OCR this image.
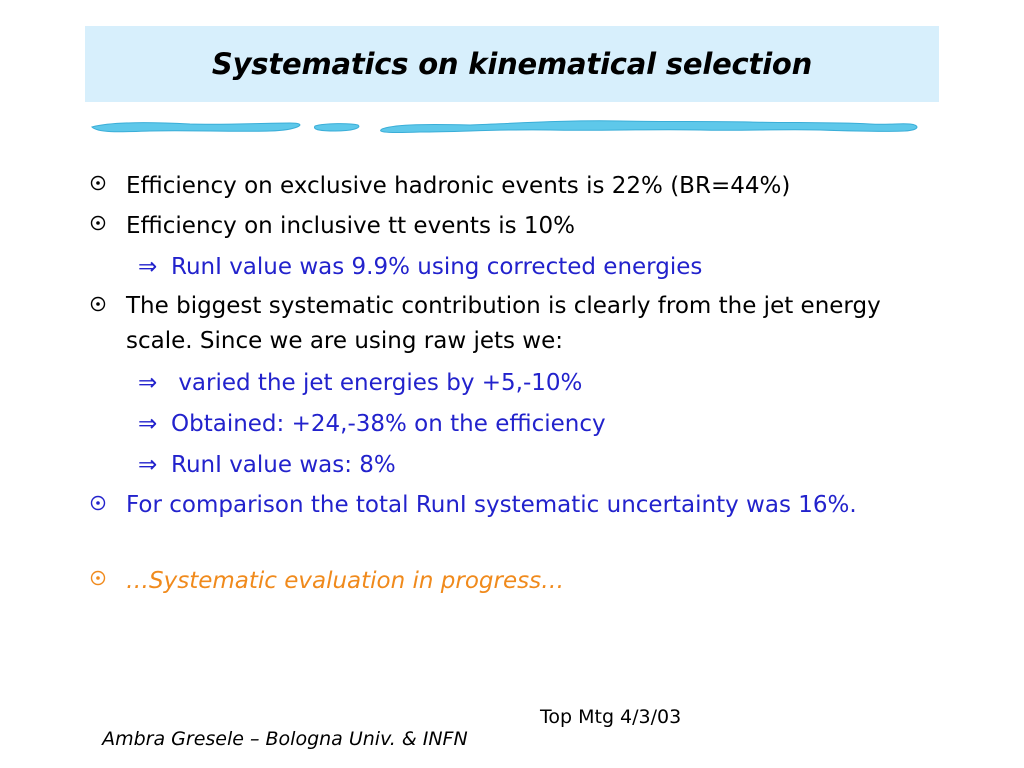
Systematics on kinematical selection
Efficiency on exclusive hadronic events is 22% (BR=44%)
Efficiency on inclusive tt events is 10%
⇒ RunI value was 9.9% using corrected energies
The biggest systematic contribution is clearly from the jet energy scale. Since we are using raw jets we:
⇒ varied the jet energies by +5,-10%
⇒ Obtained: +24,-38% on the efficiency
⇒ RunI value was: 8%
For comparison the total RunI systematic uncertainty was 16%.
…Systematic evaluation in progress…

Ambra Gresele – Bologna Univ. & INFN

Top Mtg 4/3/03
